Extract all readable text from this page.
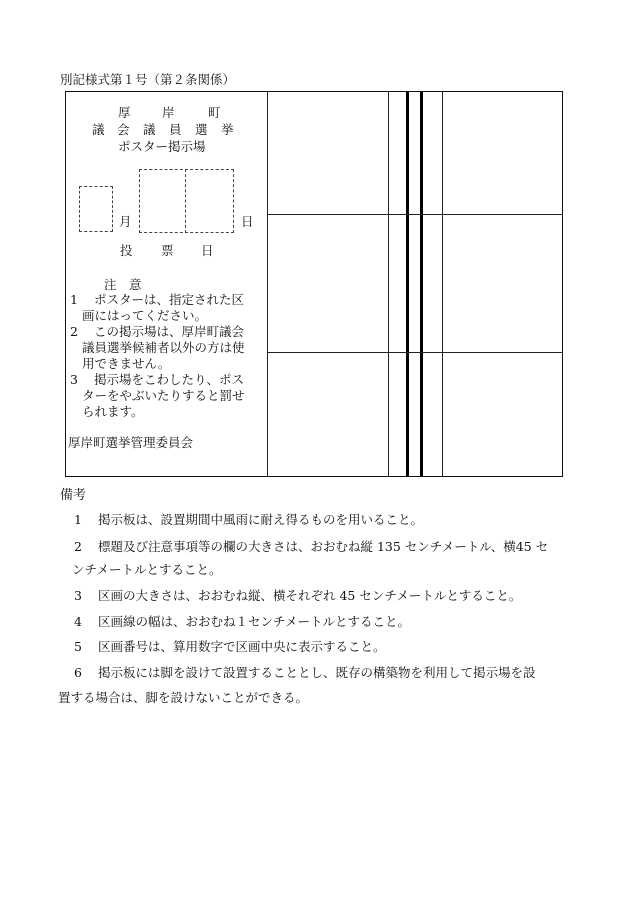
別記様式第１号（第２条関係）
厚	岸	町
議 会 議 員 選 挙
ポスター掲示場
月	日
投 票 日
注　意
1 ポスターは、指定された区
画にはってください。
2 この掲示場は、厚岸町議会
議員選挙候補者以外の方は使
用できません。
3 掲示場をこわしたり、ポス
ターをやぶいたりすると罰せ
られます。
厚岸町選挙管理委員会
備考
1 掲示板は、設置期間中風雨に耐え得るものを用いること。
2 標題及び注意事項等の欄の大きさは、おおむね縦 135 センチメートル、横45 セ
ンチメートルとすること。
3 区画の大きさは、おおむね縦、横それぞれ 45 センチメートルとすること。
4 区画線の幅は、おおむね１センチメートルとすること。
5 区画番号は、算用数字で区画中央に表示すること。
6 掲示板には脚を設けて設置することとし、既存の構築物を利用して掲示場を設
置する場合は、脚を設けないことができる。
